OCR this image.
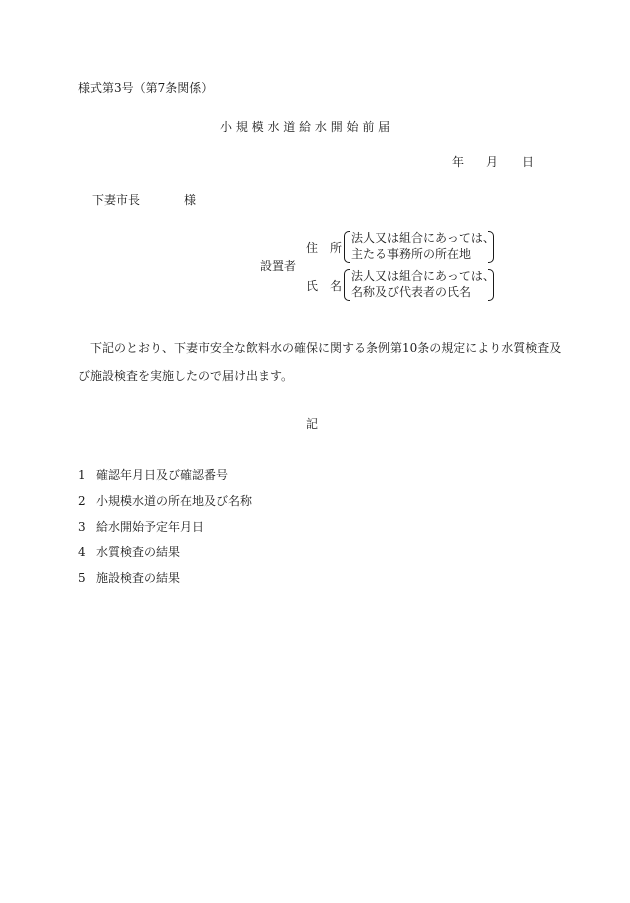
様式第3号（第7条関係）
小 規 模 水 道 給 水 開 始 前 届
年 月 日
下妻市長	様
設置者
住　所
法人又は組合にあっては、
主たる事務所の所在地
氏　名
法人又は組合にあっては、
名称及び代表者の氏名
　下記のとおり、下妻市安全な飲料水の確保に関する条例第10条の規定により水質検査及
び施設検査を実施したので届け出ます。
記
1 確認年月日及び確認番号
2 小規模水道の所在地及び名称
3 給水開始予定年月日
4 水質検査の結果
5 施設検査の結果
